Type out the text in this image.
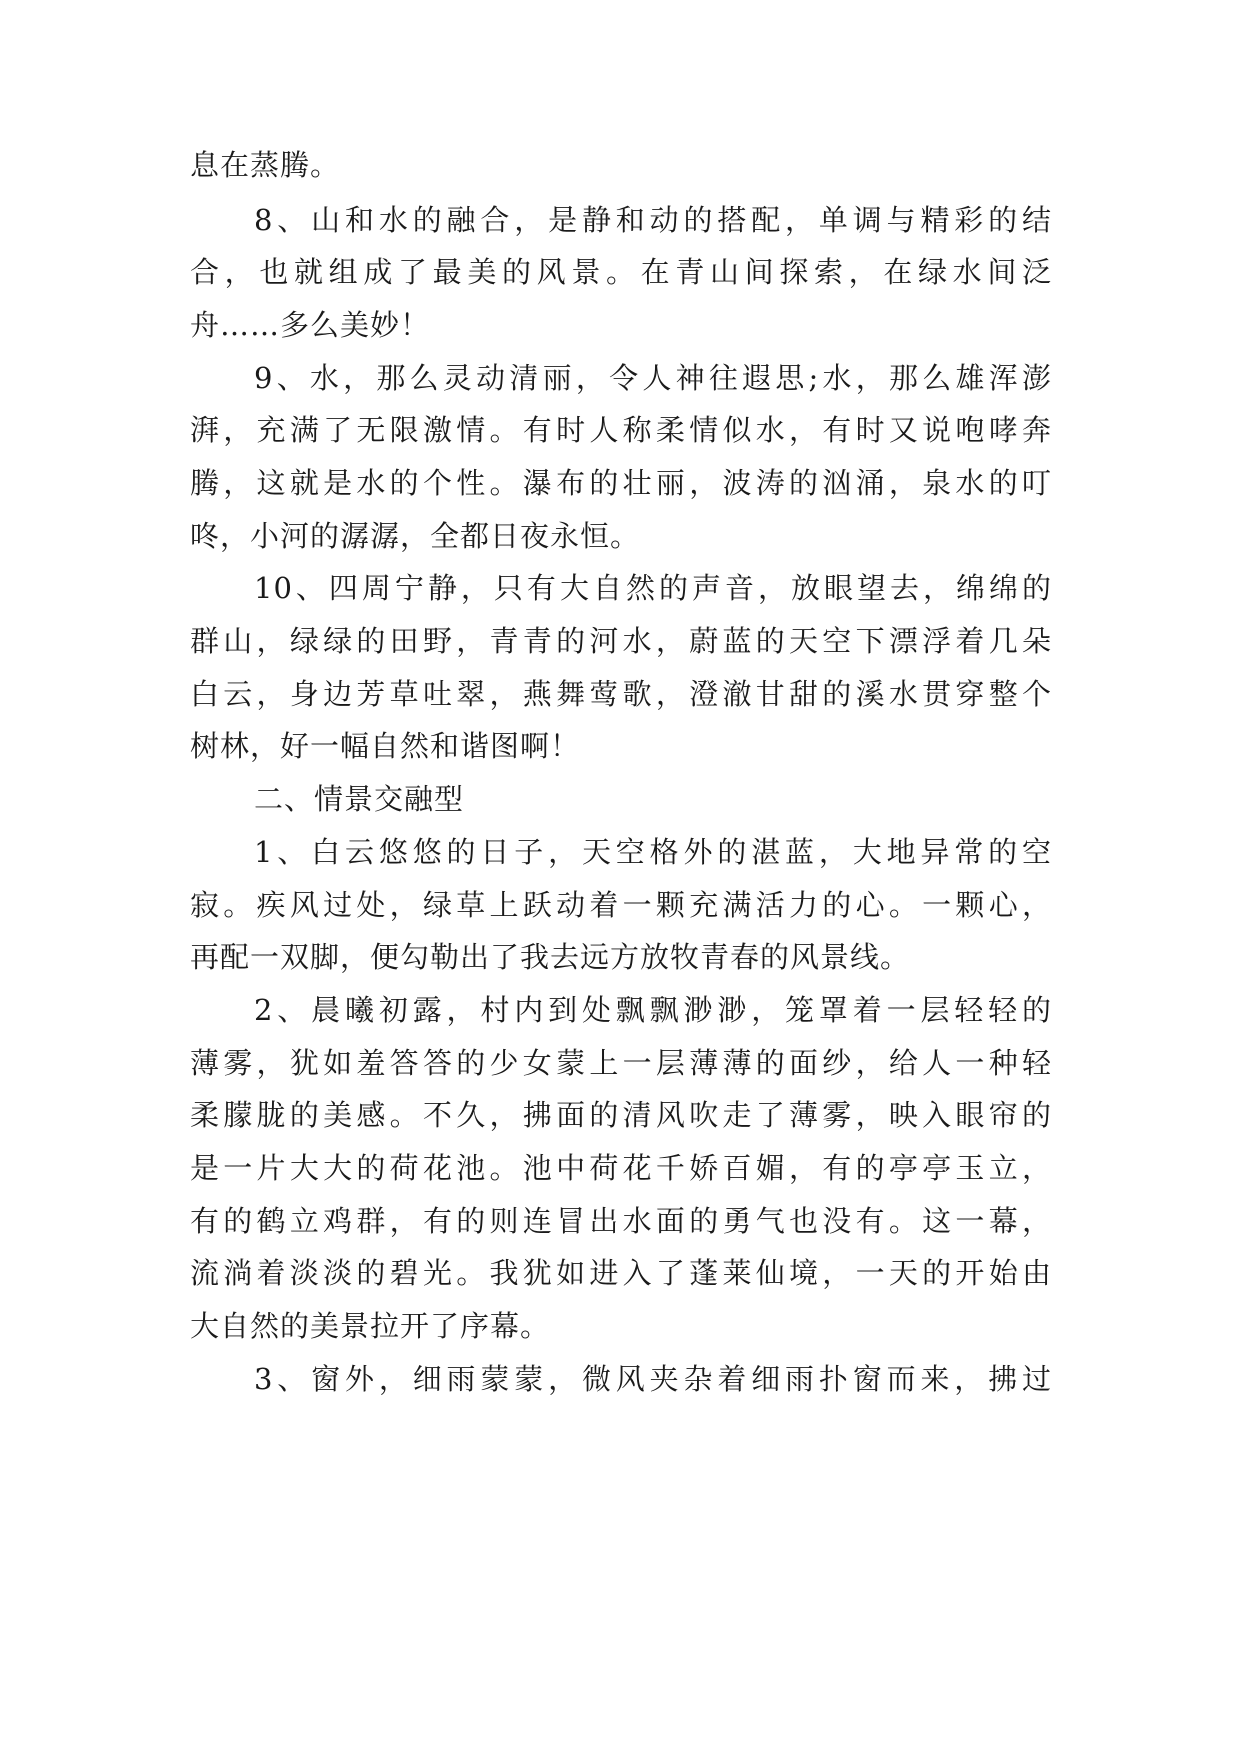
息在蒸腾。
8、山和水的融合，是静和动的搭配，单调与精彩的结
合，也就组成了最美的风景。在青山间探索，在绿水间泛
舟……多么美妙！
9、水，那么灵动清丽，令人神往遐思;水，那么雄浑澎
湃，充满了无限激情。有时人称柔情似水，有时又说咆哮奔
腾，这就是水的个性。瀑布的壮丽，波涛的汹涌，泉水的叮
咚，小河的潺潺，全都日夜永恒。
10、四周宁静，只有大自然的声音，放眼望去，绵绵的
群山，绿绿的田野，青青的河水，蔚蓝的天空下漂浮着几朵
白云，身边芳草吐翠，燕舞莺歌，澄澈甘甜的溪水贯穿整个
树林，好一幅自然和谐图啊！
二、情景交融型
1、白云悠悠的日子，天空格外的湛蓝，大地异常的空
寂。疾风过处，绿草上跃动着一颗充满活力的心。一颗心，
再配一双脚，便勾勒出了我去远方放牧青春的风景线。
2、晨曦初露，村内到处飘飘渺渺，笼罩着一层轻轻的
薄雾，犹如羞答答的少女蒙上一层薄薄的面纱，给人一种轻
柔朦胧的美感。不久，拂面的清风吹走了薄雾，映入眼帘的
是一片大大的荷花池。池中荷花千娇百媚，有的亭亭玉立，
有的鹤立鸡群，有的则连冒出水面的勇气也没有。这一幕，
流淌着淡淡的碧光。我犹如进入了蓬莱仙境，一天的开始由
大自然的美景拉开了序幕。
3、窗外，细雨蒙蒙，微风夹杂着细雨扑窗而来，拂过
